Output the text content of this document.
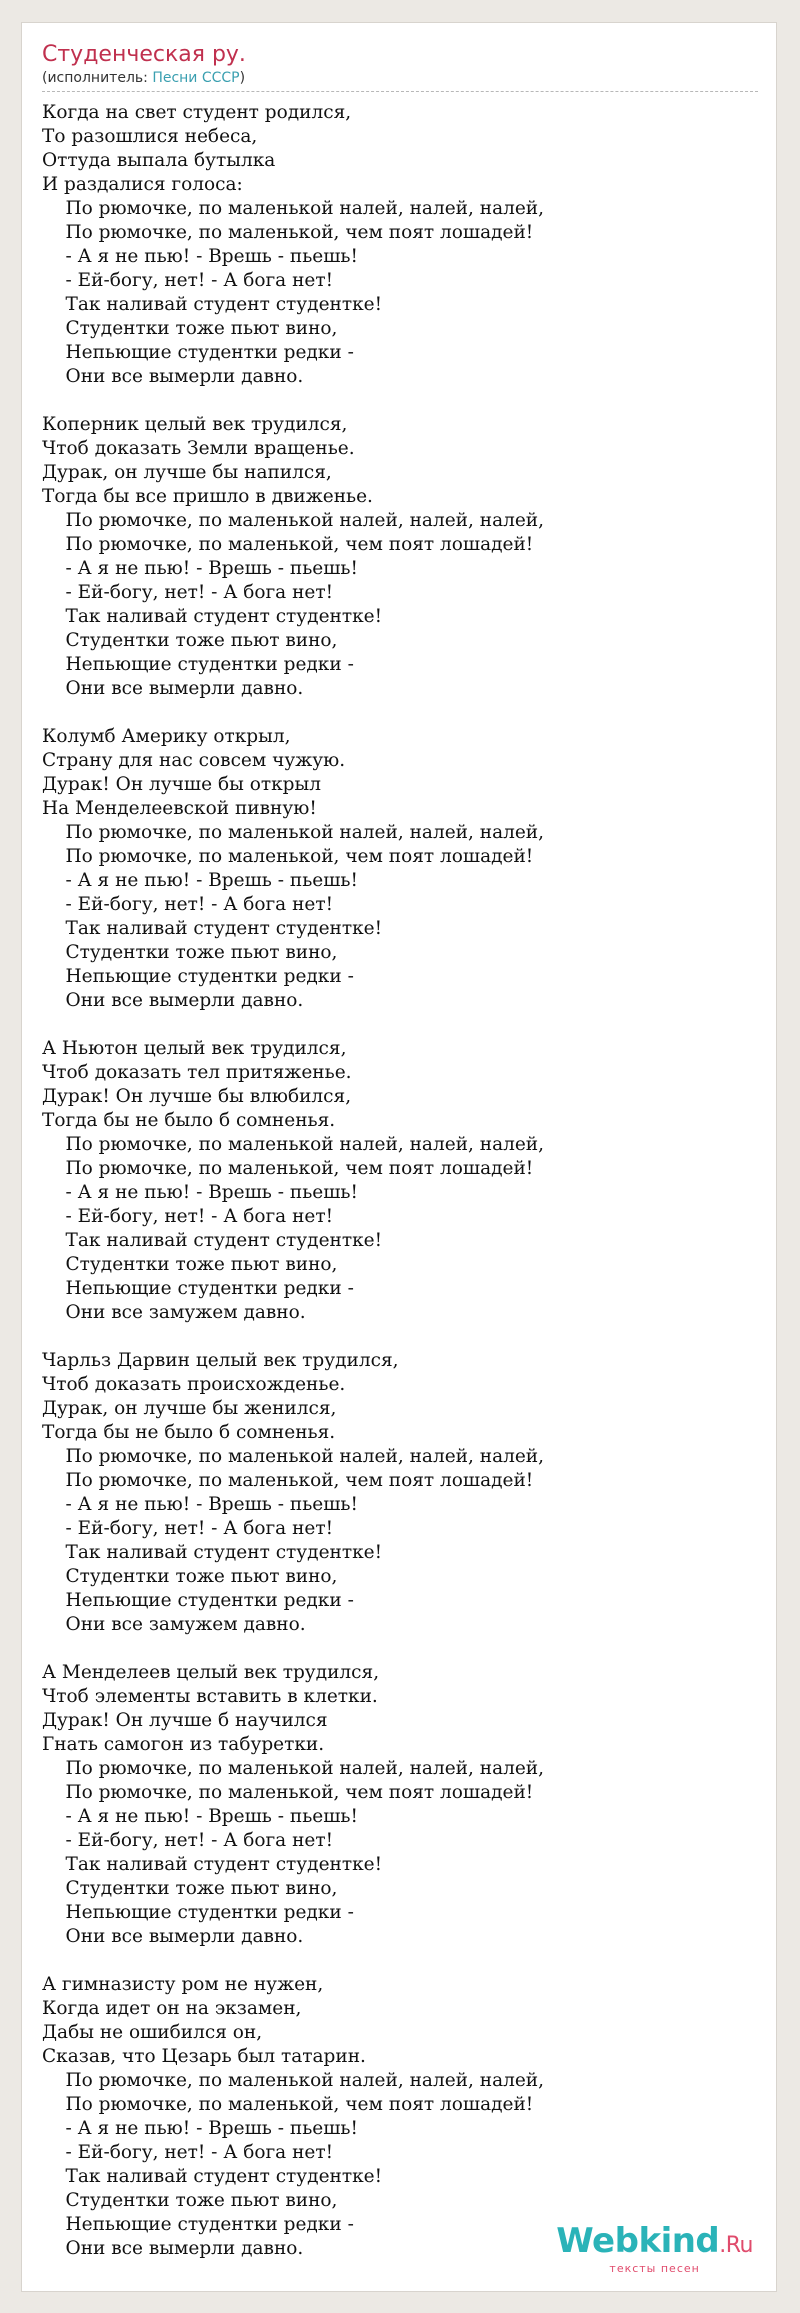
Студенческая ру.
(исполнитель: Песни СССР)
Когда на свет студент родился,
То разошлися небеса,
Оттуда выпала бутылка
И раздалися голоса:
По рюмочке, по маленькой налей, налей, налей,
По рюмочке, по маленькой, чем поят лошадей!
- А я не пью! - Врешь - пьешь!
- Ей-богу, нет! - А бога нет!
Так наливай студент студентке!
Студентки тоже пьют вино,
Непьющие студентки редки -
Они все вымерли давно.
Коперник целый век трудился,
Чтоб доказать Земли вращенье.
Дурак, он лучше бы напился,
Тогда бы все пришло в движенье.
По рюмочке, по маленькой налей, налей, налей,
По рюмочке, по маленькой, чем поят лошадей!
- А я не пью! - Врешь - пьешь!
- Ей-богу, нет! - А бога нет!
Так наливай студент студентке!
Студентки тоже пьют вино,
Непьющие студентки редки -
Они все вымерли давно.
Колумб Америку открыл,
Страну для нас совсем чужую.
Дурак! Он лучше бы открыл
На Менделеевской пивную!
По рюмочке, по маленькой налей, налей, налей,
По рюмочке, по маленькой, чем поят лошадей!
- А я не пью! - Врешь - пьешь!
- Ей-богу, нет! - А бога нет!
Так наливай студент студентке!
Студентки тоже пьют вино,
Непьющие студентки редки -
Они все вымерли давно.
А Ньютон целый век трудился,
Чтоб доказать тел притяженье.
Дурак! Он лучше бы влюбился,
Тогда бы не было б сомненья.
По рюмочке, по маленькой налей, налей, налей,
По рюмочке, по маленькой, чем поят лошадей!
- А я не пью! - Врешь - пьешь!
- Ей-богу, нет! - А бога нет!
Так наливай студент студентке!
Студентки тоже пьют вино,
Непьющие студентки редки -
Они все замужем давно.
Чарльз Дарвин целый век трудился,
Чтоб доказать происхожденье.
Дурак, он лучше бы женился,
Тогда бы не было б сомненья.
По рюмочке, по маленькой налей, налей, налей,
По рюмочке, по маленькой, чем поят лошадей!
- А я не пью! - Врешь - пьешь!
- Ей-богу, нет! - А бога нет!
Так наливай студент студентке!
Студентки тоже пьют вино,
Непьющие студентки редки -
Они все замужем давно.
А Менделеев целый век трудился,
Чтоб элементы вставить в клетки.
Дурак! Он лучше б научился
Гнать самогон из табуретки.
По рюмочке, по маленькой налей, налей, налей,
По рюмочке, по маленькой, чем поят лошадей!
- А я не пью! - Врешь - пьешь!
- Ей-богу, нет! - А бога нет!
Так наливай студент студентке!
Студентки тоже пьют вино,
Непьющие студентки редки -
Они все вымерли давно.
А гимназисту ром не нужен,
Когда идет он на экзамен,
Дабы не ошибился он,
Сказав, что Цезарь был татарин.
По рюмочке, по маленькой налей, налей, налей,
По рюмочке, по маленькой, чем поят лошадей!
- А я не пью! - Врешь - пьешь!
- Ей-богу, нет! - А бога нет!
Так наливай студент студентке!
Студентки тоже пьют вино,
Непьющие студентки редки -
Они все вымерли давно.	Webkind.Ru
тексты песен
